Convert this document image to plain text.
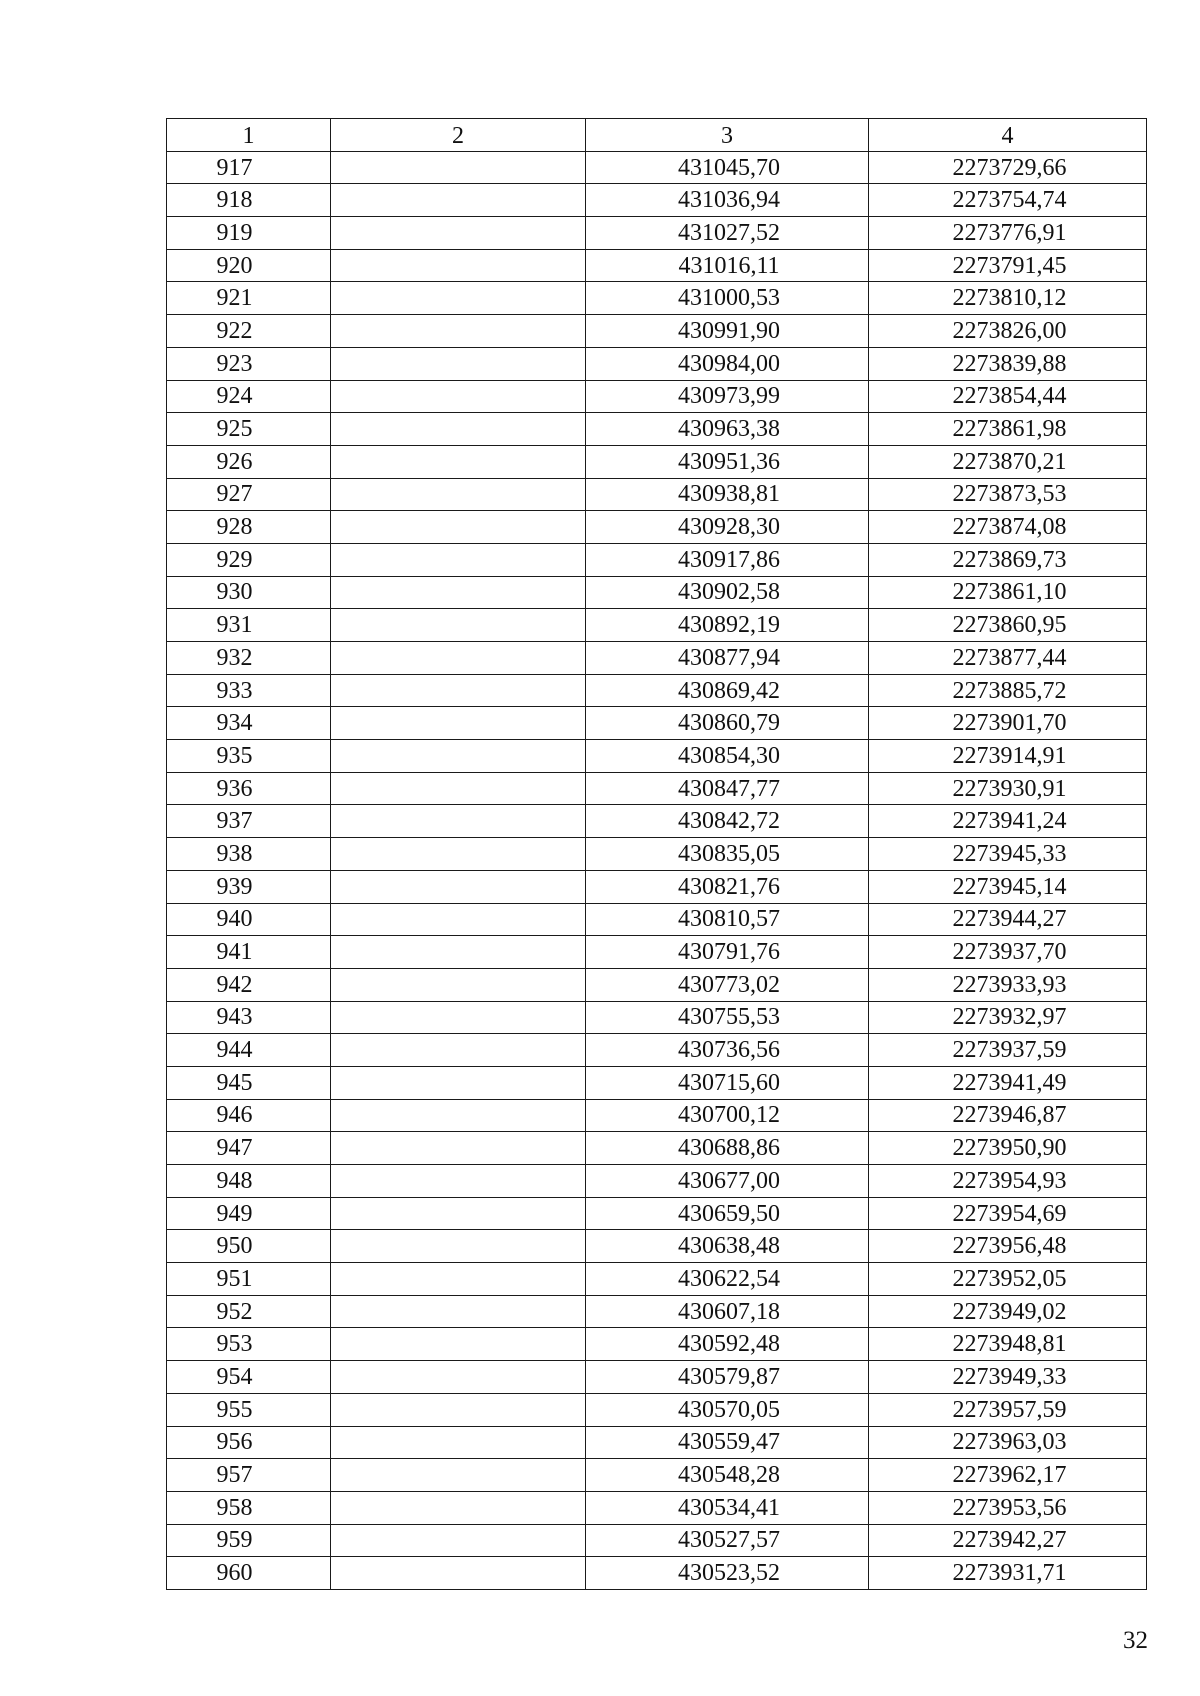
1	2	3	4
917		431045,70	2273729,66
918		431036,94	2273754,74
919		431027,52	2273776,91
920		431016,11	2273791,45
921		431000,53	2273810,12
922		430991,90	2273826,00
923		430984,00	2273839,88
924		430973,99	2273854,44
925		430963,38	2273861,98
926		430951,36	2273870,21
927		430938,81	2273873,53
928		430928,30	2273874,08
929		430917,86	2273869,73
930		430902,58	2273861,10
931		430892,19	2273860,95
932		430877,94	2273877,44
933		430869,42	2273885,72
934		430860,79	2273901,70
935		430854,30	2273914,91
936		430847,77	2273930,91
937		430842,72	2273941,24
938		430835,05	2273945,33
939		430821,76	2273945,14
940		430810,57	2273944,27
941		430791,76	2273937,70
942		430773,02	2273933,93
943		430755,53	2273932,97
944		430736,56	2273937,59
945		430715,60	2273941,49
946		430700,12	2273946,87
947		430688,86	2273950,90
948		430677,00	2273954,93
949		430659,50	2273954,69
950		430638,48	2273956,48
951		430622,54	2273952,05
952		430607,18	2273949,02
953		430592,48	2273948,81
954		430579,87	2273949,33
955		430570,05	2273957,59
956		430559,47	2273963,03
957		430548,28	2273962,17
958		430534,41	2273953,56
959		430527,57	2273942,27
960		430523,52	2273931,71
32
